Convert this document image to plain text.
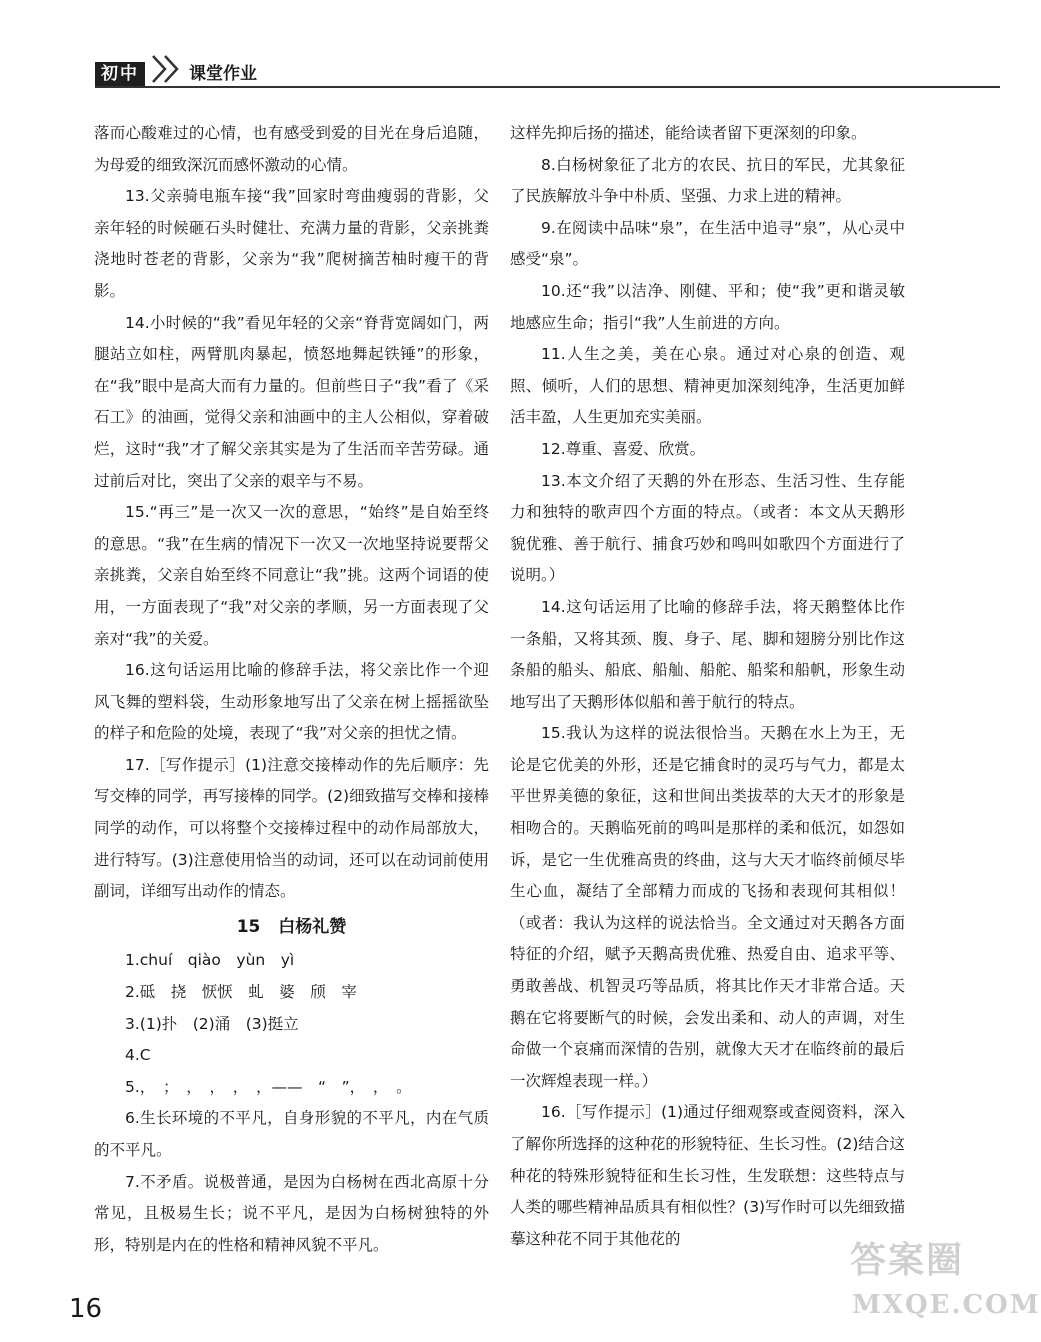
初中	课堂作业

落而心酸难过的心情，也有感受到爱的目光在身后追随，为母爱的细致深沉而感怀激动的心情。

13.父亲骑电瓶车接“我”回家时弯曲瘦弱的背影，父亲年轻的时候砸石头时健壮、充满力量的背影，父亲挑粪浇地时苍老的背影，父亲为“我”爬树摘苦柚时瘦干的背影。

14.小时候的“我”看见年轻的父亲“脊背宽阔如门，两腿站立如柱，两臂肌肉暴起，愤怒地舞起铁锤”的形象，在“我”眼中是高大而有力量的。但前些日子“我”看了《采石工》的油画，觉得父亲和油画中的主人公相似，穿着破烂，这时“我”才了解父亲其实是为了生活而辛苦劳碌。通过前后对比，突出了父亲的艰辛与不易。

15.“再三”是一次又一次的意思，“始终”是自始至终的意思。“我”在生病的情况下一次又一次地坚持说要帮父亲挑粪，父亲自始至终不同意让“我”挑。这两个词语的使用，一方面表现了“我”对父亲的孝顺，另一方面表现了父亲对“我”的关爱。

16.这句话运用比喻的修辞手法，将父亲比作一个迎风飞舞的塑料袋，生动形象地写出了父亲在树上摇摇欲坠的样子和危险的处境，表现了“我”对父亲的担忧之情。

17.［写作提示］(1)注意交接棒动作的先后顺序：先写交棒的同学，再写接棒的同学。(2)细致描写交棒和接棒同学的动作，可以将整个交接棒过程中的动作局部放大，进行特写。(3)注意使用恰当的动词，还可以在动词前使用副词，详细写出动作的情态。

15 白杨礼赞

1.chuí　qiào　yùn　yì

2.砥　挠　恹恹　虬　婆　颀　宰

3.(1)扑　(2)涌　(3)挺立

4.C

5.，　；　，　，　，　，——　“　”，　，　。

6.生长环境的不平凡，自身形貌的不平凡，内在气质的不平凡。

7.不矛盾。说极普通，是因为白杨树在西北高原十分常见，且极易生长；说不平凡，是因为白杨树独特的外形，特别是内在的性格和精神风貌不平凡。

这样先抑后扬的描述，能给读者留下更深刻的印象。

8.白杨树象征了北方的农民、抗日的军民，尤其象征了民族解放斗争中朴质、坚强、力求上进的精神。

9.在阅读中品味“泉”，在生活中追寻“泉”，从心灵中感受“泉”。

10.还“我”以洁净、刚健、平和；使“我”更和谐灵敏地感应生命；指引“我”人生前进的方向。

11.人生之美，美在心泉。通过对心泉的创造、观照、倾听，人们的思想、精神更加深刻纯净，生活更加鲜活丰盈，人生更加充实美丽。

12.尊重、喜爱、欣赏。

13.本文介绍了天鹅的外在形态、生活习性、生存能力和独特的歌声四个方面的特点。（或者：本文从天鹅形貌优雅、善于航行、捕食巧妙和鸣叫如歌四个方面进行了说明。）

14.这句话运用了比喻的修辞手法，将天鹅整体比作一条船，又将其颈、腹、身子、尾、脚和翅膀分别比作这条船的船头、船底、船舢、船舵、船桨和船帆，形象生动地写出了天鹅形体似船和善于航行的特点。

15.我认为这样的说法很恰当。天鹅在水上为王，无论是它优美的外形，还是它捕食时的灵巧与气力，都是太平世界美德的象征，这和世间出类拔萃的大天才的形象是相吻合的。天鹅临死前的鸣叫是那样的柔和低沉，如怨如诉，是它一生优雅高贵的终曲，这与大天才临终前倾尽毕生心血，凝结了全部精力而成的飞扬和表现何其相似！（或者：我认为这样的说法恰当。全文通过对天鹅各方面特征的介绍，赋予天鹅高贵优雅、热爱自由、追求平等、勇敢善战、机智灵巧等品质，将其比作天才非常合适。天鹅在它将要断气的时候，会发出柔和、动人的声调，对生命做一个哀痛而深情的告别，就像大天才在临终前的最后一次辉煌表现一样。）

16.［写作提示］(1)通过仔细观察或查阅资料，深入了解你所选择的这种花的形貌特征、生长习性。(2)结合这种花的特殊形貌特征和生长习性，生发联想：这些特点与人类的哪些精神品质具有相似性？(3)写作时可以先细致描摹这种花不同于其他花的

16
答案圈
MXQE.COM
